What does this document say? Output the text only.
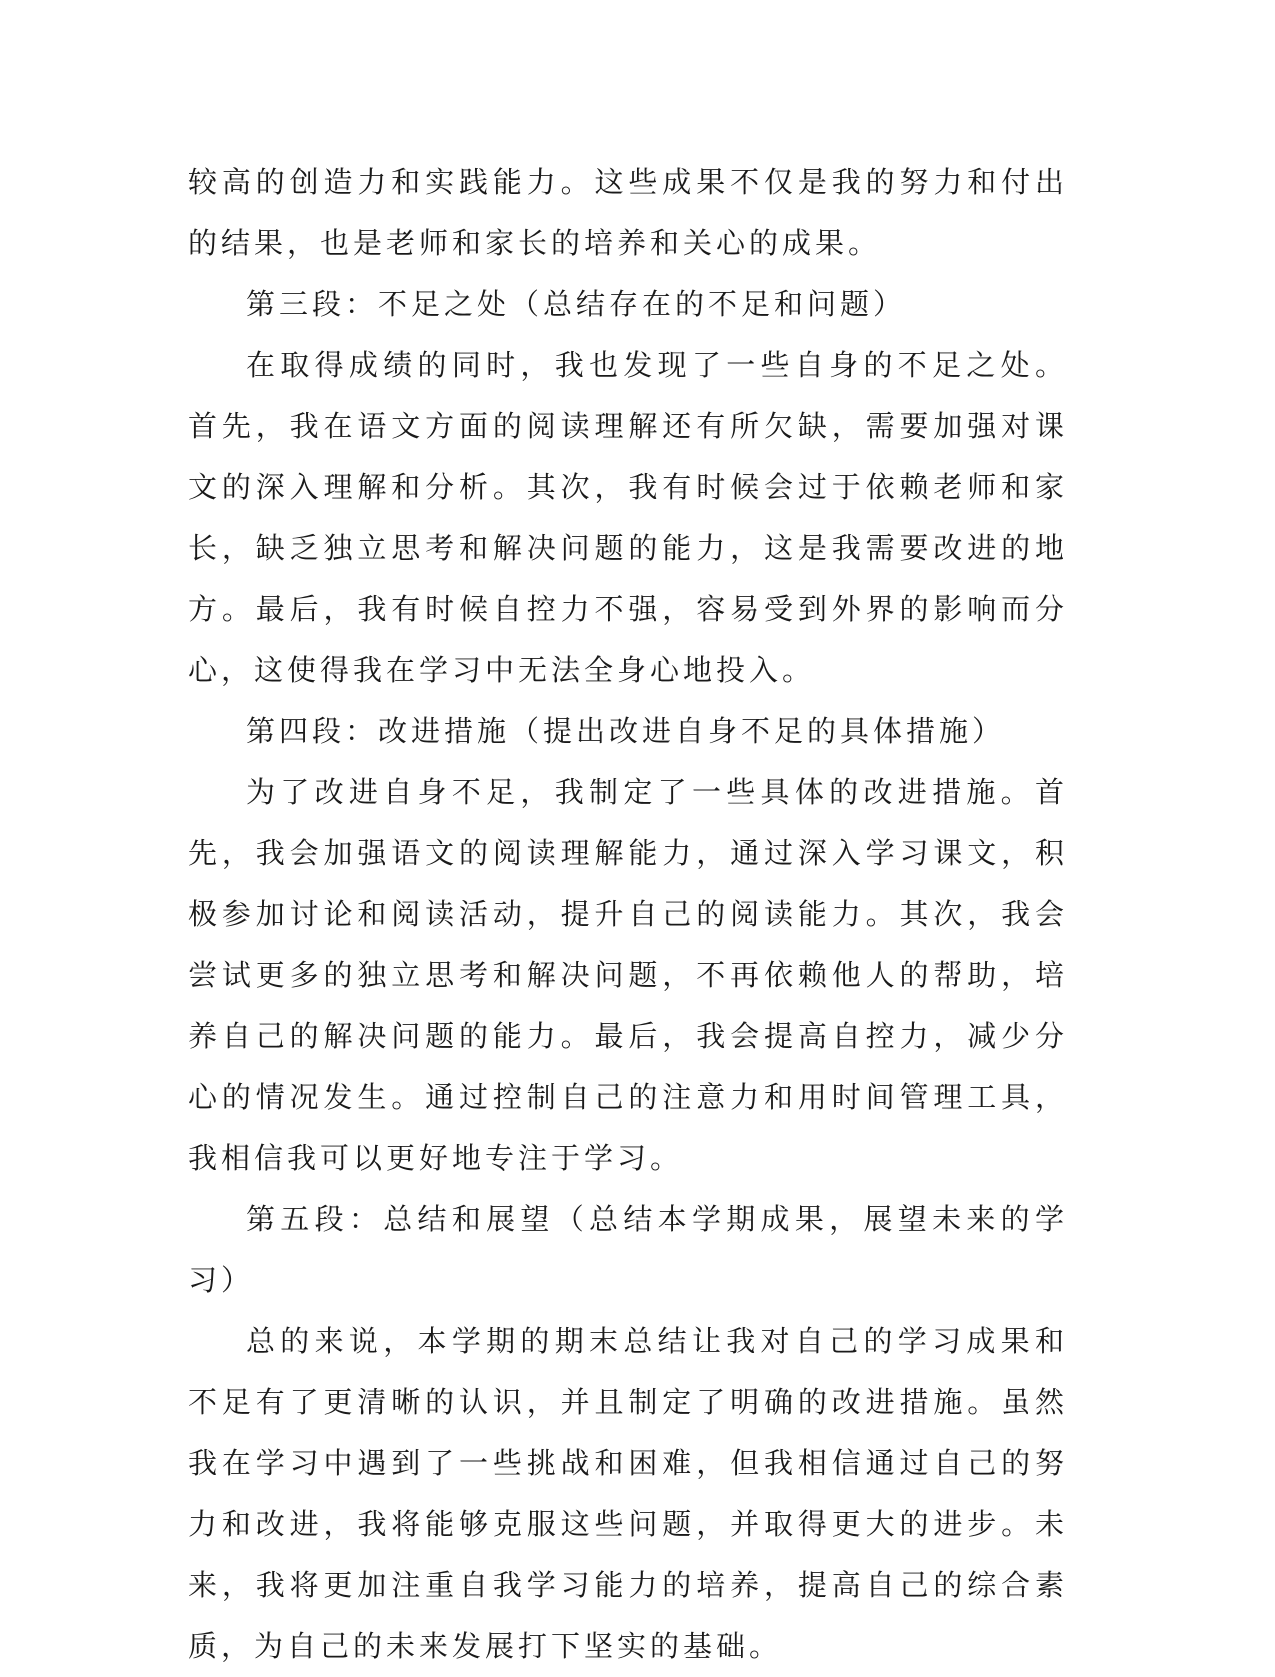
较高的创造力和实践能力。这些成果不仅是我的努力和付出的结果，也是老师和家长的培养和关心的成果。

第三段：不足之处（总结存在的不足和问题）

在取得成绩的同时，我也发现了一些自身的不足之处。首先，我在语文方面的阅读理解还有所欠缺，需要加强对课文的深入理解和分析。其次，我有时候会过于依赖老师和家长，缺乏独立思考和解决问题的能力，这是我需要改进的地方。最后，我有时候自控力不强，容易受到外界的影响而分心，这使得我在学习中无法全身心地投入。

第四段：改进措施（提出改进自身不足的具体措施）

为了改进自身不足，我制定了一些具体的改进措施。首先，我会加强语文的阅读理解能力，通过深入学习课文，积极参加讨论和阅读活动，提升自己的阅读能力。其次，我会尝试更多的独立思考和解决问题，不再依赖他人的帮助，培养自己的解决问题的能力。最后，我会提高自控力，减少分心的情况发生。通过控制自己的注意力和用时间管理工具，我相信我可以更好地专注于学习。

第五段：总结和展望（总结本学期成果，展望未来的学习）

总的来说，本学期的期末总结让我对自己的学习成果和不足有了更清晰的认识，并且制定了明确的改进措施。虽然我在学习中遇到了一些挑战和困难，但我相信通过自己的努力和改进，我将能够克服这些问题，并取得更大的进步。未来，我将更加注重自我学习能力的培养，提高自己的综合素质，为自己的未来发展打下坚实的基础。
